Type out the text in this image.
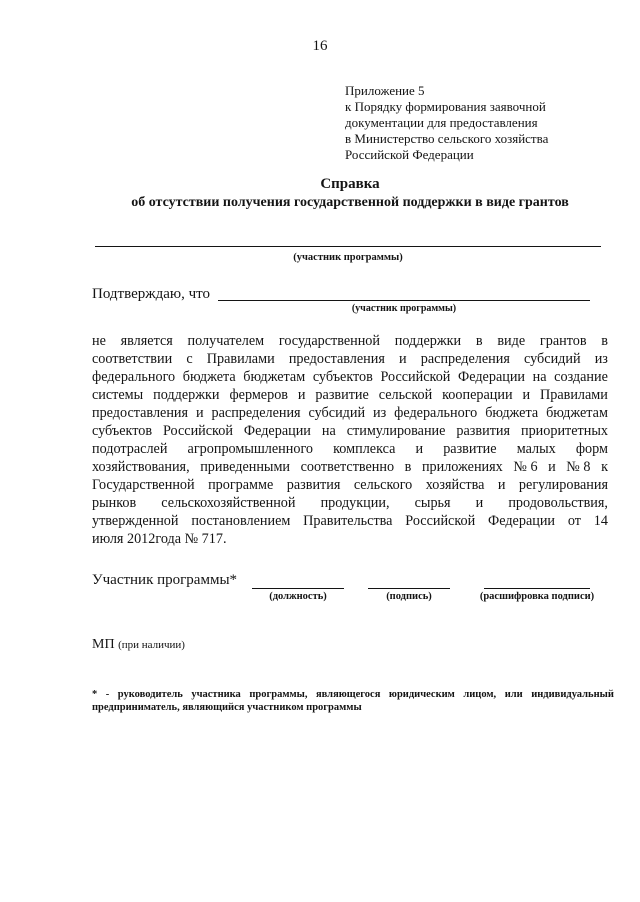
16
Приложение 5
к Порядку формирования заявочной
документации для предоставления
в Министерство сельского хозяйства
Российской Федерации
Справка
об отсутствии получения государственной поддержки в виде грантов
(участник программы)
Подтверждаю, что
(участник программы)
не является получателем государственной поддержки в виде грантов в
соответствии с Правилами предоставления и распределения субсидий из
федерального бюджета бюджетам субъектов Российской Федерации на создание
системы поддержки фермеров и развитие сельской кооперации и Правилами
предоставления и распределения субсидий из федерального бюджета бюджетам
субъектов Российской Федерации на стимулирование развития приоритетных
подотраслей агропромышленного комплекса и развитие малых форм
хозяйствования, приведенными соответственно в приложениях № 6 и № 8 к
Государственной программе развития сельского хозяйства и регулирования
рынков сельскохозяйственной продукции, сырья и продовольствия,
утвержденной постановлением Правительства Российской Федерации от 14
июля 2012года № 717.
Участник программы*
(должность)	(подпись)	(расшифровка подписи)
МП (при наличии)
* - руководитель участника программы, являющегося юридическим лицом, или индивидуальный
предприниматель, являющийся участником программы
